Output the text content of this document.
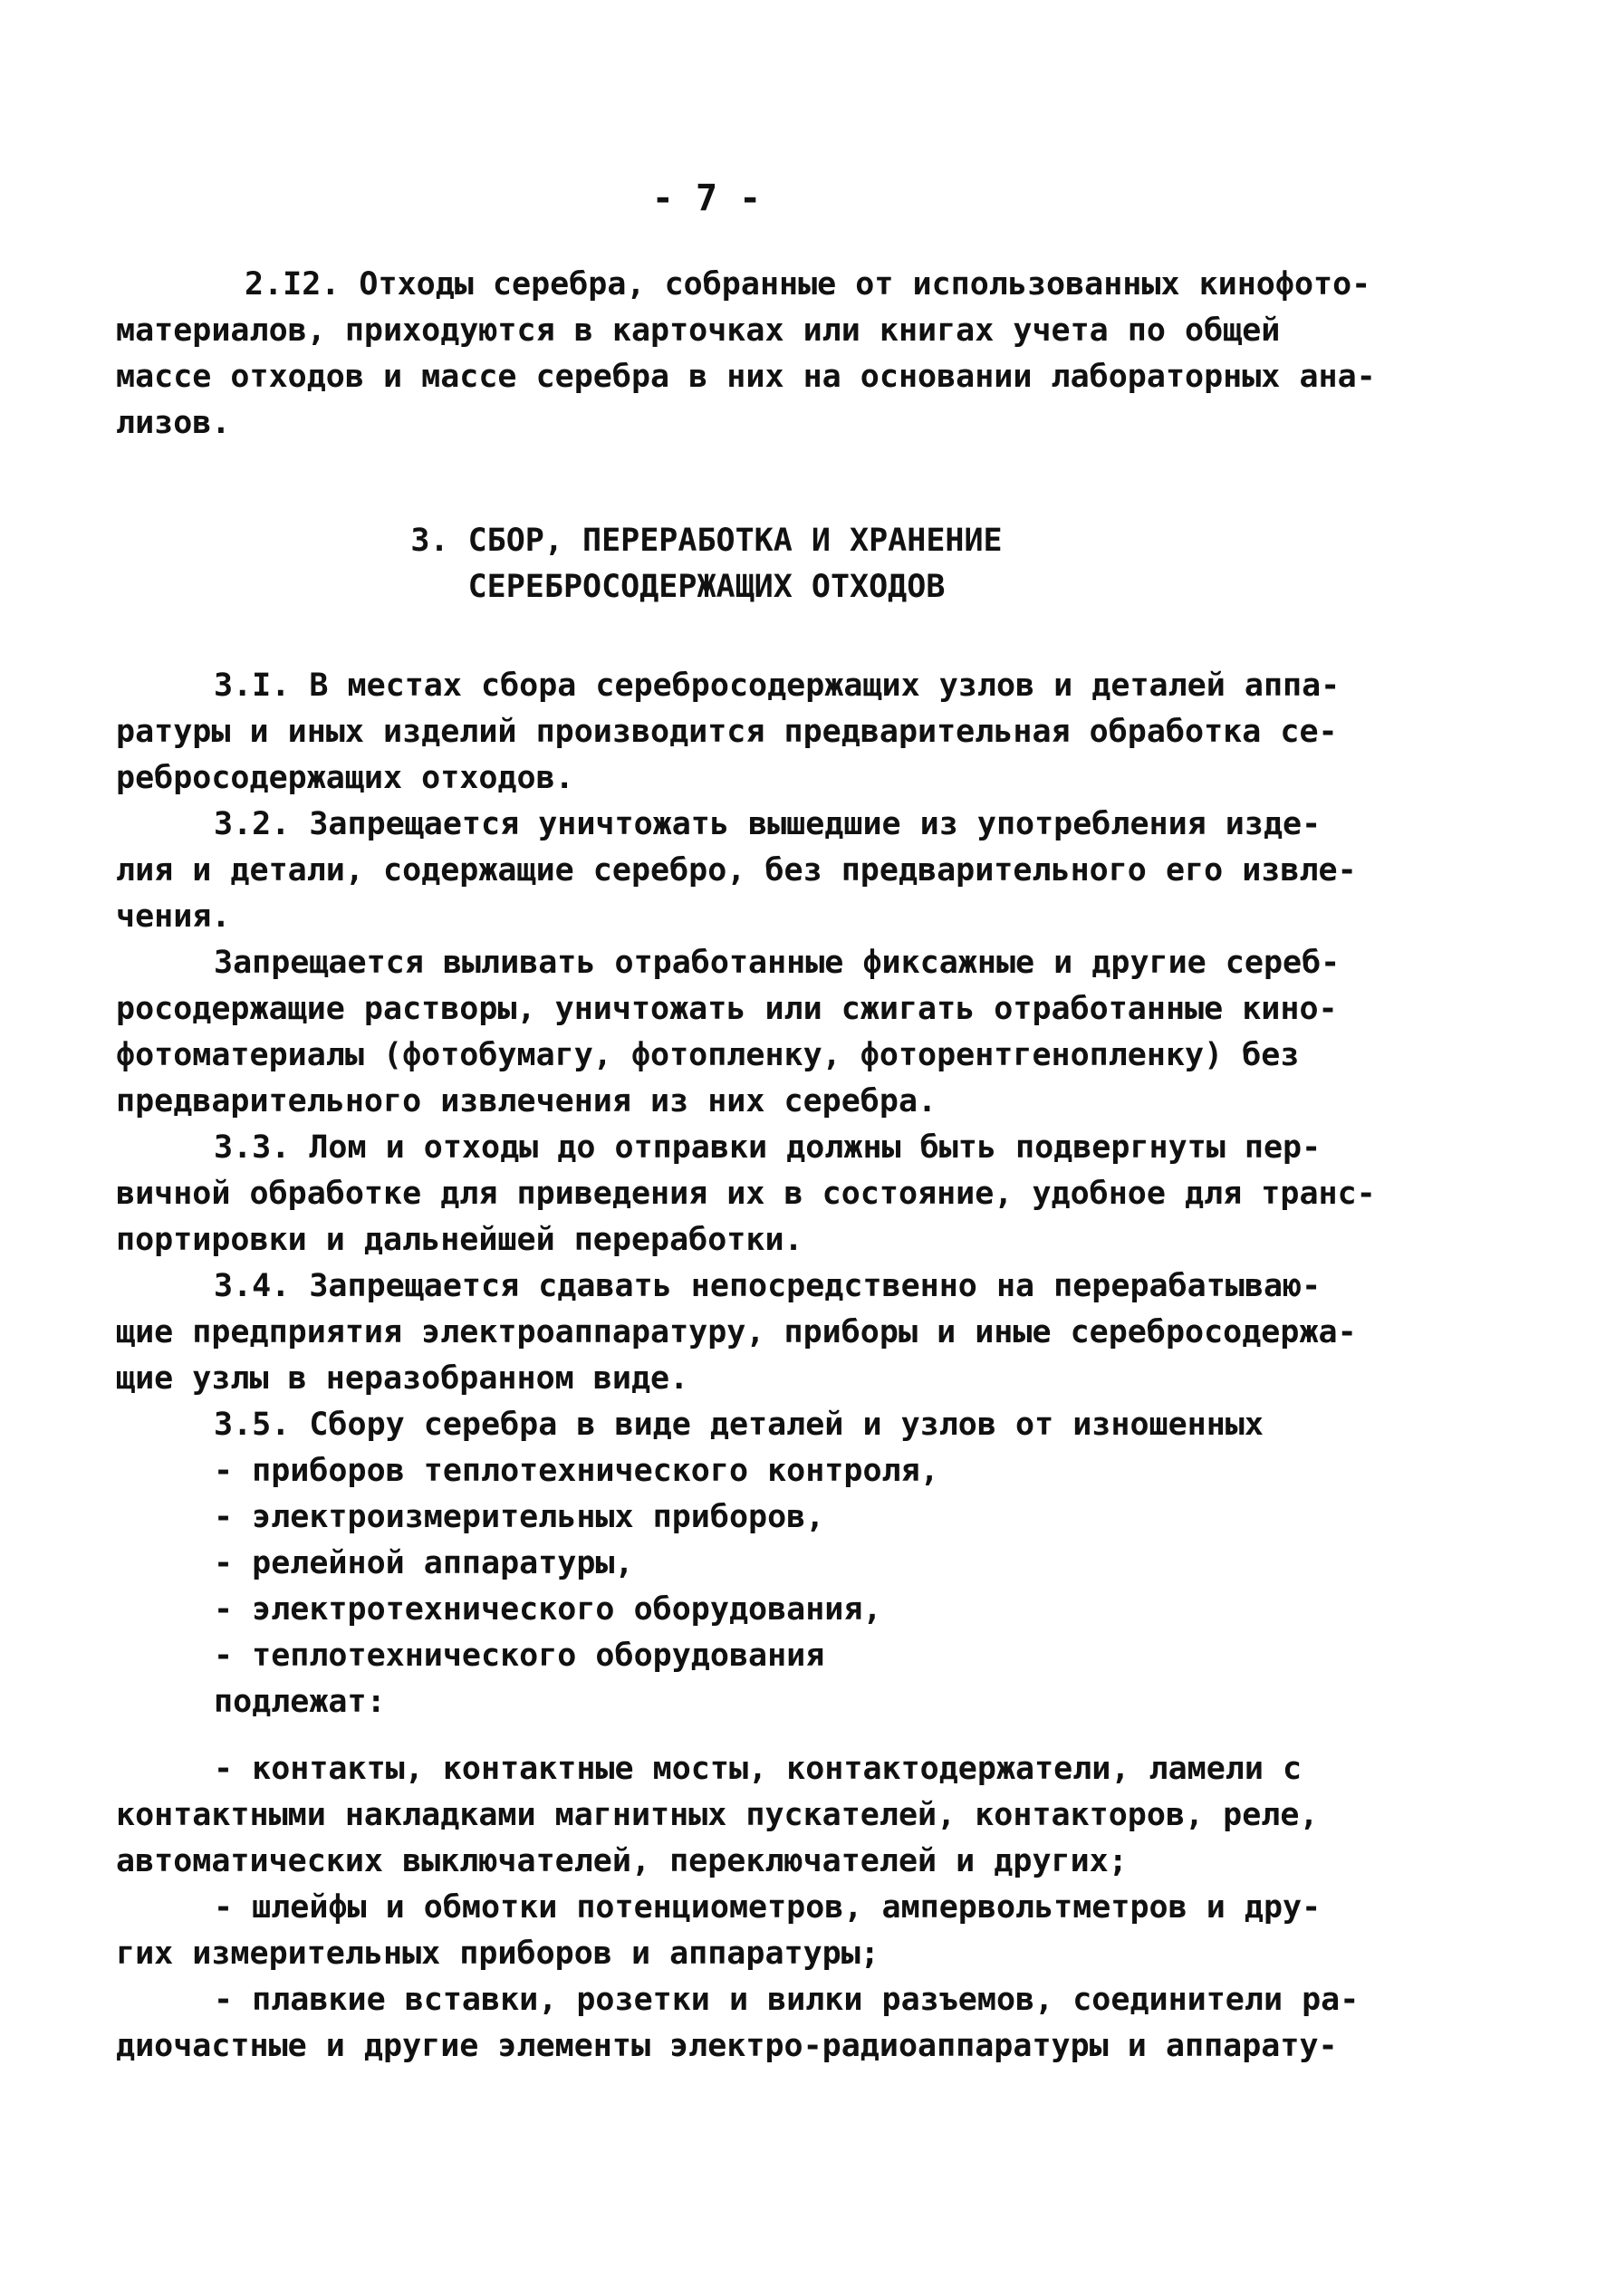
- 7 -
2.I2. Отходы серебра, собранные от использованных кинофото-
материалов, приходуются в карточках или книгах учета по общей
массе отходов и массе серебра в них на основании лабораторных ана-
лизов.
3. СБОР, ПЕРЕРАБОТКА И ХРАНЕНИЕ
СЕРЕБРОСОДЕРЖАЩИХ ОТХОДОВ
3.I. В местах сбора серебросодержащих узлов и деталей аппа-
ратуры и иных изделий производится предварительная обработка се-
ребросодержащих отходов.
3.2. Запрещается уничтожать вышедшие из употребления изде-
лия и детали, содержащие серебро, без предварительного его извле-
чения.
Запрещается выливать отработанные фиксажные и другие сереб-
росодержащие растворы, уничтожать или сжигать отработанные кино-
фотоматериалы (фотобумагу, фотопленку, фоторентгенопленку) без
предварительного извлечения из них серебра.
3.3. Лом и отходы до отправки должны быть подвергнуты пер-
вичной обработке для приведения их в состояние, удобное для транс-
портировки и дальнейшей переработки.
3.4. Запрещается сдавать непосредственно на перерабатываю-
щие предприятия электроаппаратуру, приборы и иные серебросодержа-
щие узлы в неразобранном виде.
3.5. Сбору серебра в виде деталей и узлов от изношенных
- приборов теплотехнического контроля,
- электроизмерительных приборов,
- релейной аппаратуры,
- электротехнического оборудования,
- теплотехнического оборудования
подлежат:
- контакты, контактные мосты, контактодержатели, ламели с
контактными накладками магнитных пускателей, контакторов, реле,
автоматических выключателей, переключателей и других;
- шлейфы и обмотки потенциометров, ампервольтметров и дру-
гих измерительных приборов и аппаратуры;
- плавкие вставки, розетки и вилки разъемов, соединители ра-
диочастные и другие элементы электро-радиоаппаратуры и аппарату-
